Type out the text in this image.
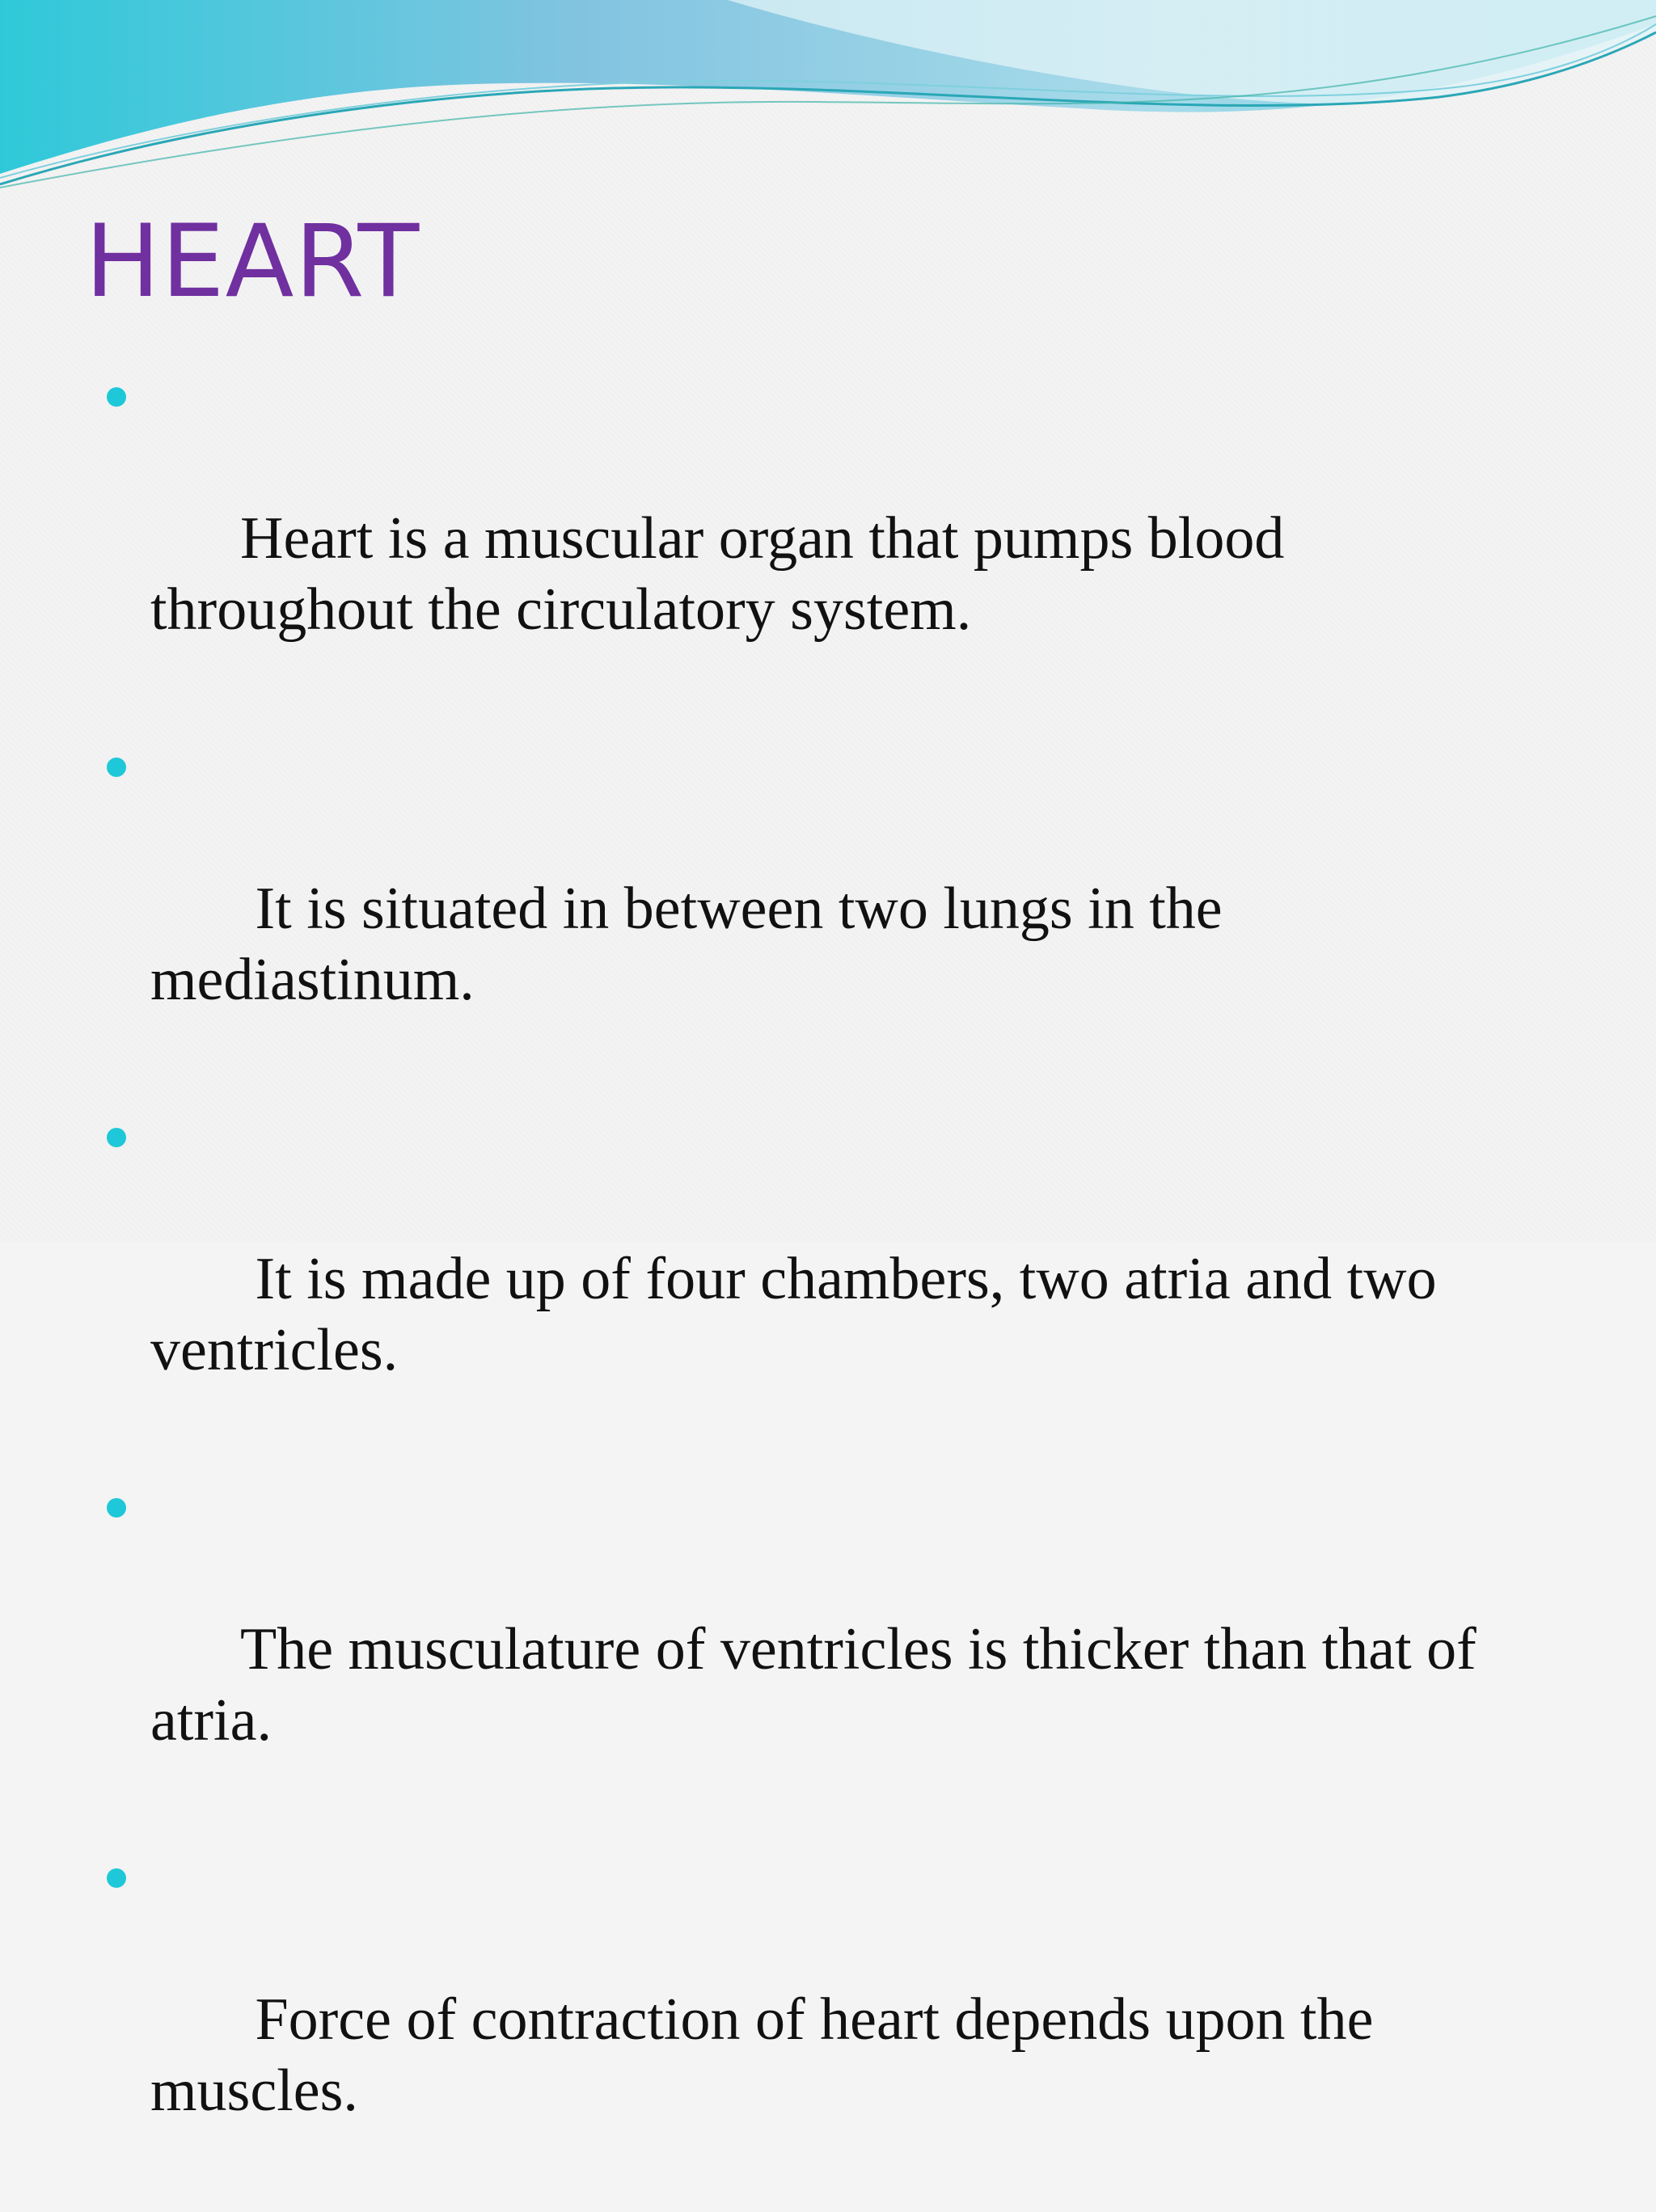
HEART

Heart is a muscular organ that pumps blood throughout the circulatory system.

It is situated in between two lungs in the mediastinum.

It is made up of four chambers, two atria and two ventricles.

The musculature of ventricles is thicker than that of atria.

Force of contraction of heart depends upon the muscles.
